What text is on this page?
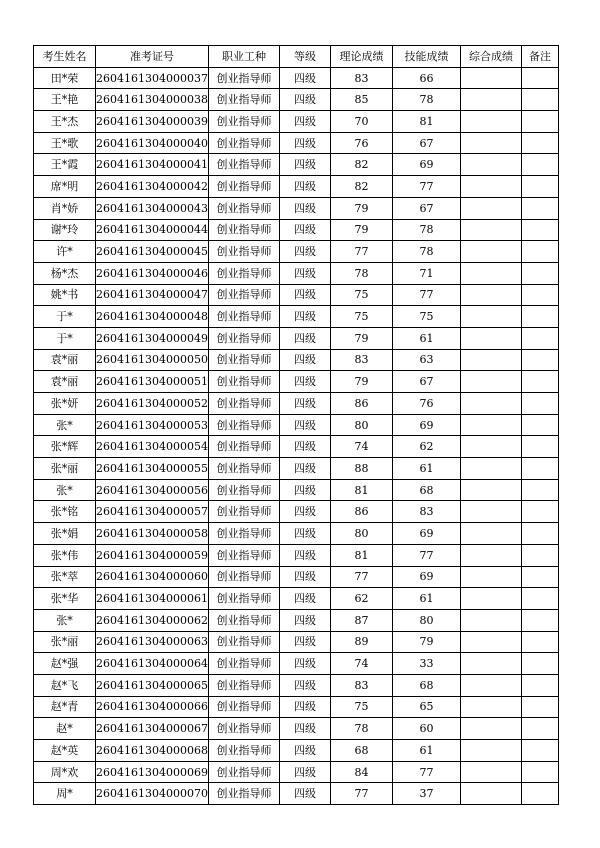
考生姓名	准考证号	职业工种	等级	理论成绩	技能成绩	综合成绩	备注
田*荣	2604161304000037	创业指导师	四级	83	66		
王*艳	2604161304000038	创业指导师	四级	85	78		
王*杰	2604161304000039	创业指导师	四级	70	81		
王*歌	2604161304000040	创业指导师	四级	76	67		
王*霞	2604161304000041	创业指导师	四级	82	69		
席*明	2604161304000042	创业指导师	四级	82	77		
肖*娇	2604161304000043	创业指导师	四级	79	67		
谢*玲	2604161304000044	创业指导师	四级	79	78		
许*	2604161304000045	创业指导师	四级	77	78		
杨*杰	2604161304000046	创业指导师	四级	78	71		
姚*书	2604161304000047	创业指导师	四级	75	77		
于*	2604161304000048	创业指导师	四级	75	75		
于*	2604161304000049	创业指导师	四级	79	61		
袁*丽	2604161304000050	创业指导师	四级	83	63		
袁*丽	2604161304000051	创业指导师	四级	79	67		
张*妍	2604161304000052	创业指导师	四级	86	76		
张*	2604161304000053	创业指导师	四级	80	69		
张*辉	2604161304000054	创业指导师	四级	74	62		
张*丽	2604161304000055	创业指导师	四级	88	61		
张*	2604161304000056	创业指导师	四级	81	68		
张*铭	2604161304000057	创业指导师	四级	86	83		
张*娟	2604161304000058	创业指导师	四级	80	69		
张*伟	2604161304000059	创业指导师	四级	81	77		
张*萃	2604161304000060	创业指导师	四级	77	69		
张*华	2604161304000061	创业指导师	四级	62	61		
张*	2604161304000062	创业指导师	四级	87	80		
张*丽	2604161304000063	创业指导师	四级	89	79		
赵*强	2604161304000064	创业指导师	四级	74	33		
赵*飞	2604161304000065	创业指导师	四级	83	68		
赵*青	2604161304000066	创业指导师	四级	75	65		
赵*	2604161304000067	创业指导师	四级	78	60		
赵*英	2604161304000068	创业指导师	四级	68	61		
周*欢	2604161304000069	创业指导师	四级	84	77		
周*	2604161304000070	创业指导师	四级	77	37		
